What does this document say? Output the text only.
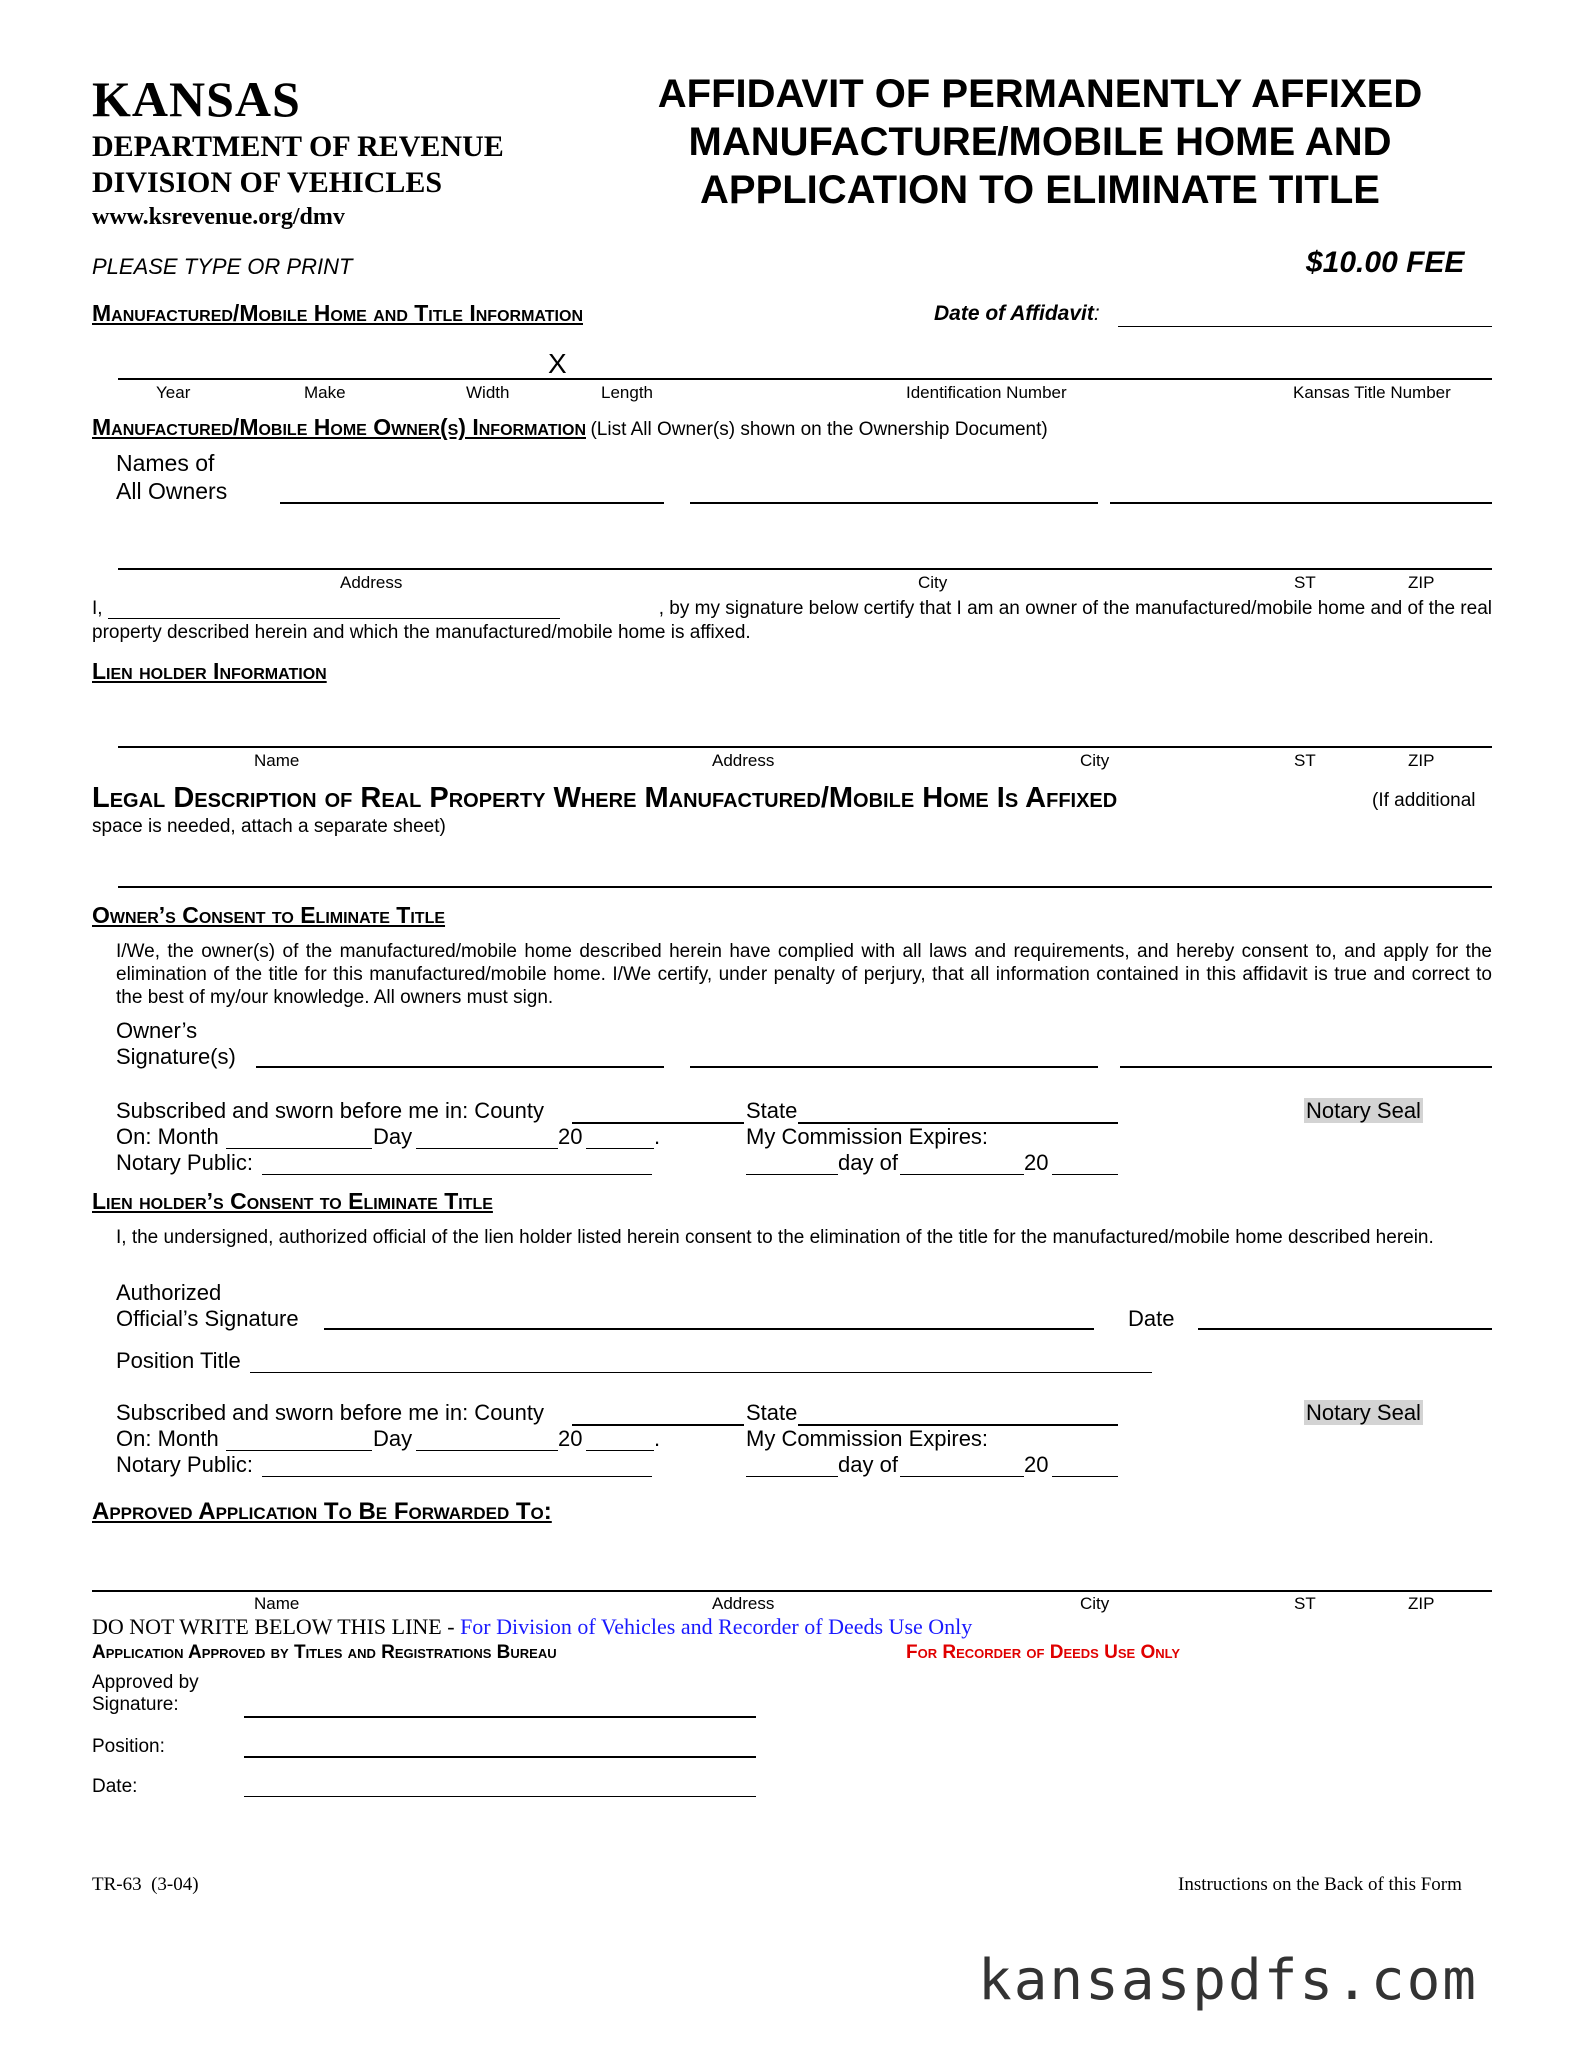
KANSAS
DEPARTMENT OF REVENUE
DIVISION OF VEHICLES
www.ksrevenue.org/dmv
AFFIDAVIT OF PERMANENTLY AFFIXED
MANUFACTURE/MOBILE HOME AND
APPLICATION TO ELIMINATE TITLE
PLEASE TYPE OR PRINT	$10.00 FEE
Manufactured/Mobile Home and Title Information	Date of Affidavit:
X
Year	Make	Width	Length	Identification Number	Kansas Title Number
Manufactured/Mobile Home Owner(s) Information (List All Owner(s) shown on the Ownership Document)
Names of
All Owners
Address	City	ST	ZIP
I,	, by my signature below certify that I am an owner of the manufactured/mobile home and of the real
property described herein and which the manufactured/mobile home is affixed.
Lien holder Information
Name	Address	City	ST	ZIP
Legal Description of Real Property Where Manufactured/Mobile Home Is Affixed	(If additional
space is needed, attach a separate sheet)
Owner’s Consent to Eliminate Title
I/We, the owner(s) of the manufactured/mobile home described herein have complied with all laws and requirements, and hereby consent to, and apply for the elimination of the title for this manufactured/mobile home. I/We certify, under penalty of perjury, that all information contained in this affidavit is true and correct to the best of my/our knowledge. All owners must sign.
Owner’s
Signature(s)
Subscribed and sworn before me in: County	State	Notary Seal
On: Month	Day	20	.	My Commission Expires:
Notary Public:	day of	20
Lien holder’s Consent to Eliminate Title
I, the undersigned, authorized official of the lien holder listed herein consent to the elimination of the title for the manufactured/mobile home described herein.
Authorized
Official’s Signature	Date
Position Title
Subscribed and sworn before me in: County	State	Notary Seal
On: Month	Day	20	.	My Commission Expires:
Notary Public:	day of	20
Approved Application To Be Forwarded To:
Name	Address	City	ST	ZIP
DO NOT WRITE BELOW THIS LINE - For Division of Vehicles and Recorder of Deeds Use Only
Application Approved by Titles and Registrations Bureau	For Recorder of Deeds Use Only
Approved by
Signature:
Position:
Date:
TR-63  (3-04)	Instructions on the Back of this Form
kansaspdfs.com
